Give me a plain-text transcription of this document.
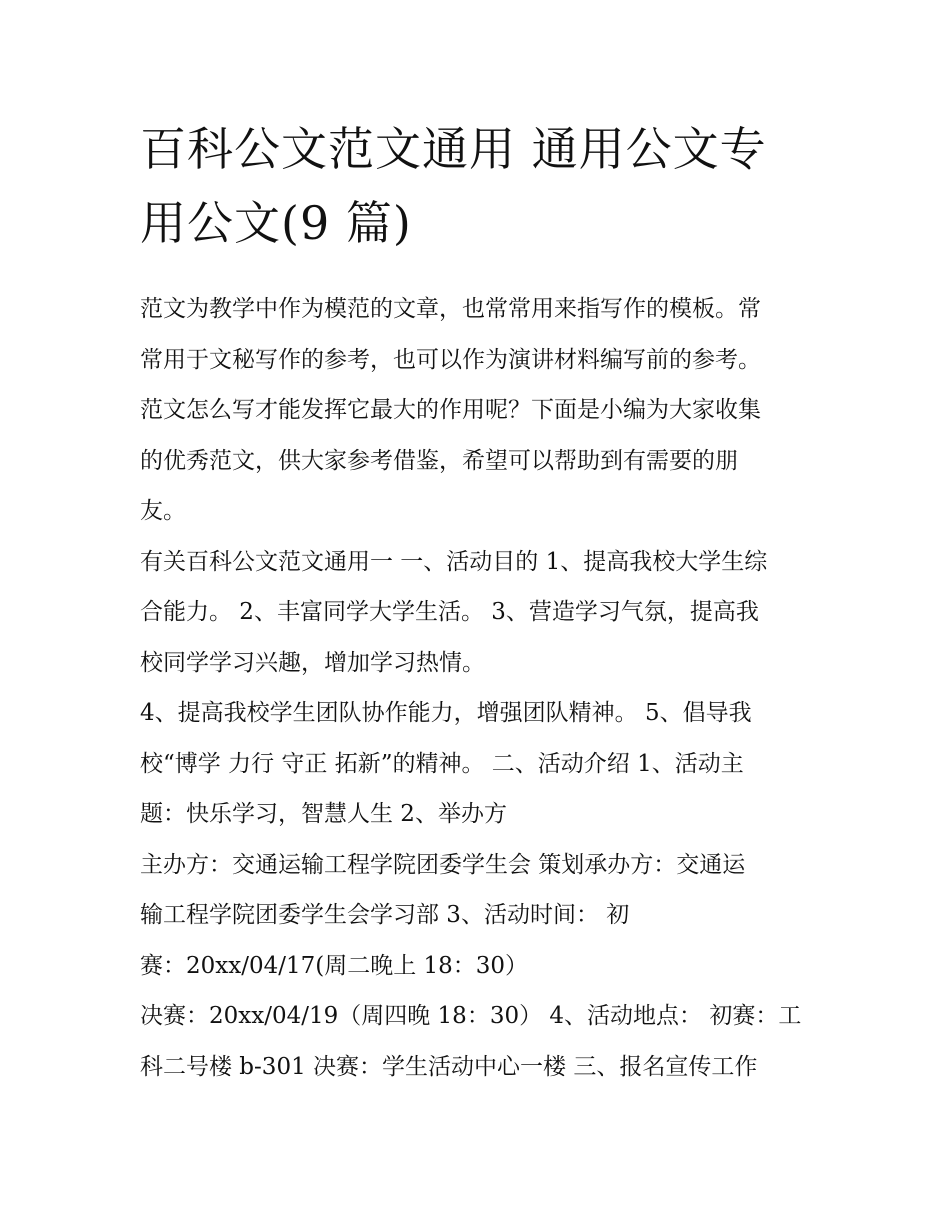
百科公文范文通用 通用公文专
用公文(9 篇)

范文为教学中作为模范的文章，也常常用来指写作的模板。常
常用于文秘写作的参考，也可以作为演讲材料编写前的参考。
范文怎么写才能发挥它最大的作用呢？下面是小编为大家收集
的优秀范文，供大家参考借鉴，希望可以帮助到有需要的朋
友。

有关百科公文范文通用一 一、活动目的 1、提高我校大学生综
合能力。 2、丰富同学大学生活。 3、营造学习气氛，提高我
校同学学习兴趣，增加学习热情。

4、提高我校学生团队协作能力，增强团队精神。 5、倡导我
校“博学 力行 守正 拓新”的精神。 二、活动介绍 1、活动主
题：快乐学习，智慧人生 2、举办方

主办方：交通运输工程学院团委学生会 策划承办方：交通运
输工程学院团委学生会学习部 3、活动时间： 初

赛：20xx/04/17(周二晚上 18：30）

决赛：20xx/04/19（周四晚 18：30） 4、活动地点： 初赛：工
科二号楼 b-301 决赛：学生活动中心一楼 三、报名宣传工作
